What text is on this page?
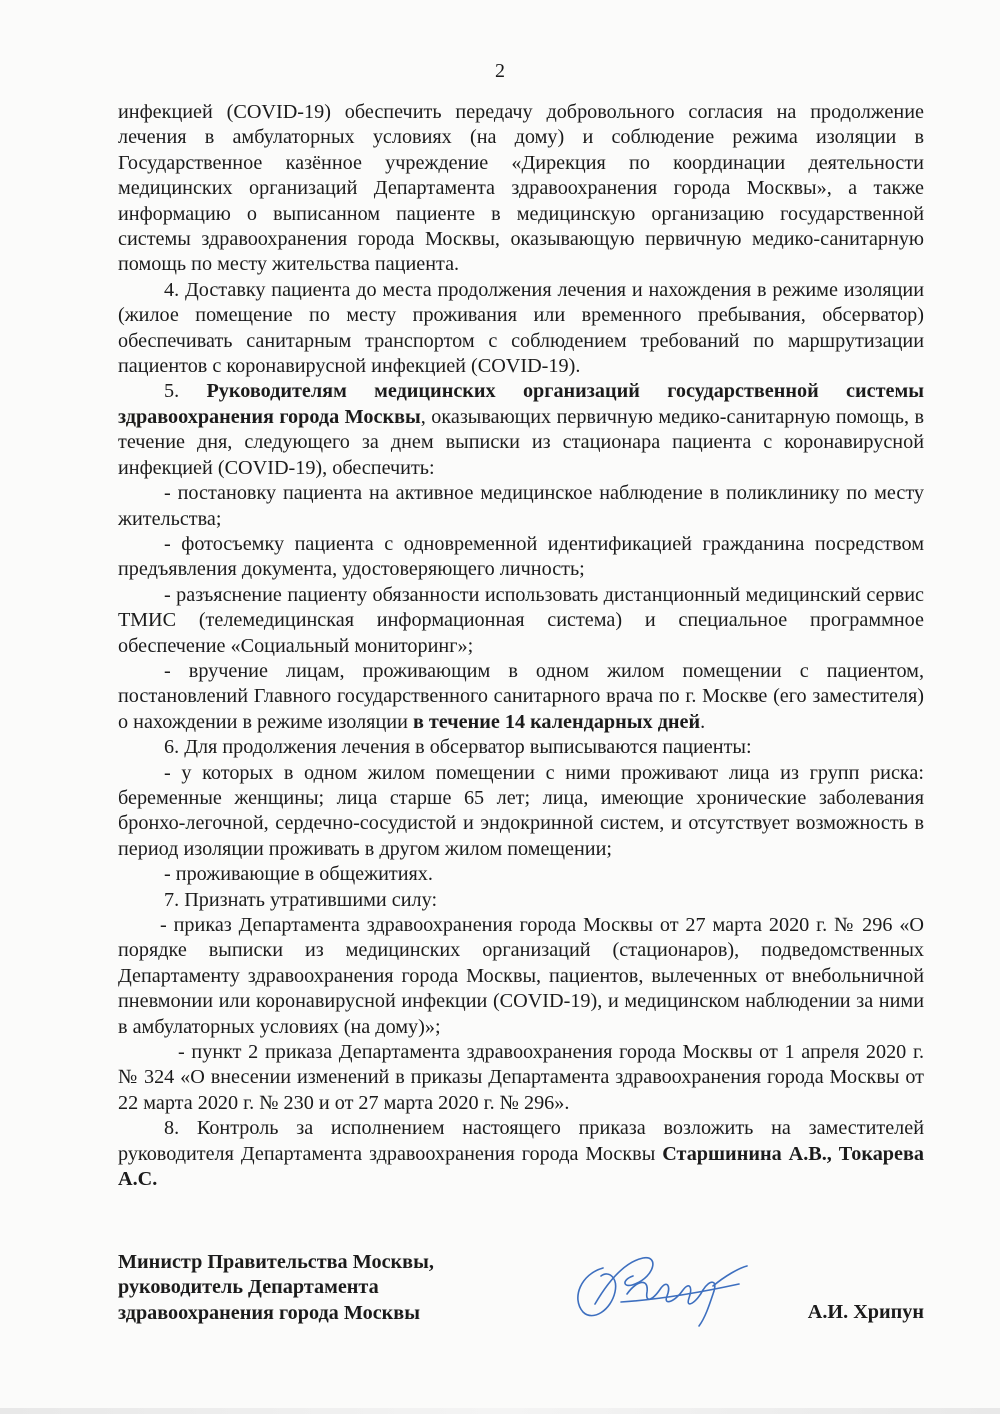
2

инфекцией (COVID-19) обеспечить передачу добровольного согласия на продолжение лечения в амбулаторных условиях (на дому) и соблюдение режима изоляции в Государственное казённое учреждение «Дирекция по координации деятельности медицинских организаций Департамента здравоохранения города Москвы», а также информацию о выписанном пациенте в медицинскую организацию государственной системы здравоохранения города Москвы, оказывающую первичную медико-санитарную помощь по месту жительства пациента.

4. Доставку пациента до места продолжения лечения и нахождения в режиме изоляции (жилое помещение по месту проживания или временного пребывания, обсерватор) обеспечивать санитарным транспортом с соблюдением требований по маршрутизации пациентов с коронавирусной инфекцией (COVID-19).

5. Руководителям медицинских организаций государственной системы здравоохранения города Москвы, оказывающих первичную медико-санитарную помощь, в течение дня, следующего за днем выписки из стационара пациента с коронавирусной инфекцией (COVID-19), обеспечить:

- постановку пациента на активное медицинское наблюдение в поликлинику по месту жительства;

- фотосъемку пациента с одновременной идентификацией гражданина посредством предъявления документа, удостоверяющего личность;

- разъяснение пациенту обязанности использовать дистанционный медицинский сервис ТМИС (телемедицинская информационная система) и специальное программное обеспечение «Социальный мониторинг»;

- вручение лицам, проживающим в одном жилом помещении с пациентом, постановлений Главного государственного санитарного врача по г. Москве (его заместителя) о нахождении в режиме изоляции в течение 14 календарных дней.

6. Для продолжения лечения в обсерватор выписываются пациенты:

- у которых в одном жилом помещении с ними проживают лица из групп риска: беременные женщины; лица старше 65 лет; лица, имеющие хронические заболевания бронхо-легочной, сердечно-сосудистой и эндокринной систем, и отсутствует возможность в период изоляции проживать в другом жилом помещении;

- проживающие в общежитиях.

7. Признать утратившими силу:

- приказ Департамента здравоохранения города Москвы от 27 марта 2020 г. № 296 «О порядке выписки из медицинских организаций (стационаров), подведомственных Департаменту здравоохранения города Москвы, пациентов, вылеченных от внебольничной пневмонии или коронавирусной инфекции (COVID-19), и медицинском наблюдении за ними в амбулаторных условиях (на дому)»;

- пункт 2 приказа Департамента здравоохранения города Москвы от 1 апреля 2020 г. № 324 «О внесении изменений в приказы Департамента здравоохранения города Москвы от 22 марта 2020 г. № 230 и от 27 марта 2020 г. № 296».

8. Контроль за исполнением настоящего приказа возложить на заместителей руководителя Департамента здравоохранения города Москвы Старшинина А.В., Токарева А.С.

Министр Правительства Москвы,
руководитель Департамента
здравоохранения города Москвы	А.И. Хрипун
